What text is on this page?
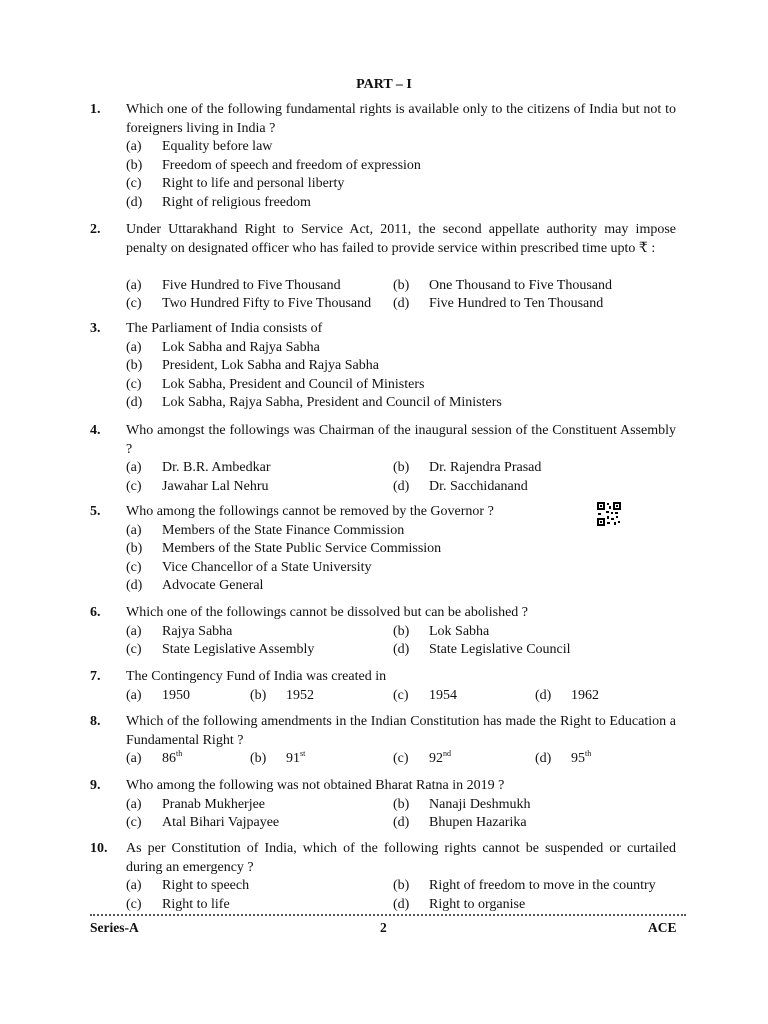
PART – I
1. Which one of the following fundamental rights is available only to the citizens of India but not to foreigners living in India ?
(a) Equality before law
(b) Freedom of speech and freedom of expression
(c) Right to life and personal liberty
(d) Right of religious freedom
2. Under Uttarakhand Right to Service Act, 2011, the second appellate authority may impose penalty on designated officer who has failed to provide service within prescribed time upto ₹ :
(a) Five Hundred to Five Thousand	(b) One Thousand to Five Thousand
(c) Two Hundred Fifty to Five Thousand (d) Five Hundred to Ten Thousand
3. The Parliament of India consists of
(a) Lok Sabha and Rajya Sabha
(b) President, Lok Sabha and Rajya Sabha
(c) Lok Sabha, President and Council of Ministers
(d) Lok Sabha, Rajya Sabha, President and Council of Ministers
4. Who amongst the followings was Chairman of the inaugural session of the Constituent Assembly ?
(a) Dr. B.R. Ambedkar	(b) Dr. Rajendra Prasad
(c) Jawahar Lal Nehru	(d) Dr. Sacchidanand
5. Who among the followings cannot be removed by the Governor ?
(a) Members of the State Finance Commission
(b) Members of the State Public Service Commission
(c) Vice Chancellor of a State University
(d) Advocate General
6. Which one of the followings cannot be dissolved but can be abolished ?
(a) Rajya Sabha	(b) Lok Sabha
(c) State Legislative Assembly	(d) State Legislative Council
7. The Contingency Fund of India was created in
(a) 1950	(b) 1952	(c) 1954	(d) 1962
8. Which of the following amendments in the Indian Constitution has made the Right to Education a Fundamental Right ?
(a) 86th	(b) 91st	(c) 92nd	(d) 95th
9. Who among the following was not obtained Bharat Ratna in 2019 ?
(a) Pranab Mukherjee	(b) Nanaji Deshmukh
(c) Atal Bihari Vajpayee	(d) Bhupen Hazarika
10. As per Constitution of India, which of the following rights cannot be suspended or curtailed during an emergency ?
(a) Right to speech	(b) Right of freedom to move in the country
(c) Right to life	(d) Right to organise
Series-A	2	ACE
